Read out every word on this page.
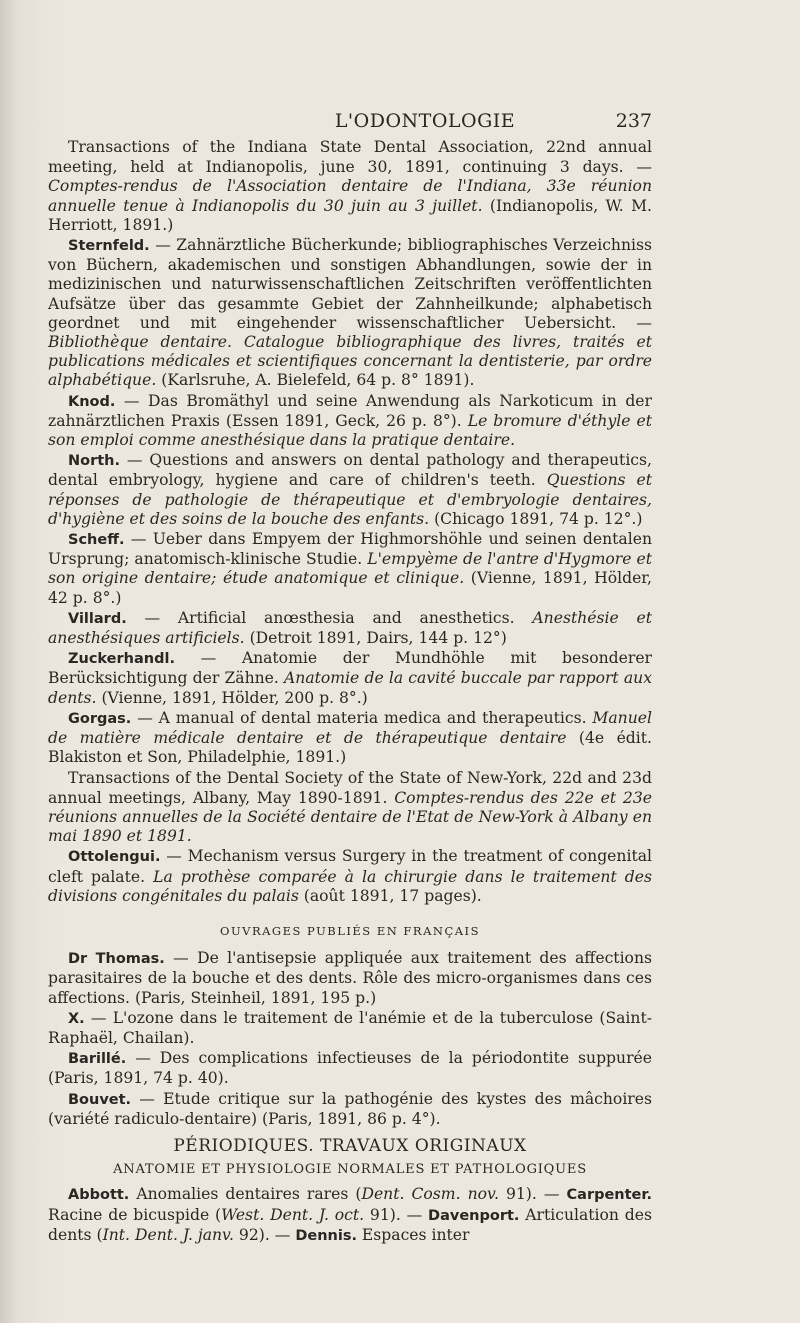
L'ODONTOLOGIE	237

Transactions of the Indiana State Dental Association, 22nd annual meeting, held at Indianopolis, june 30, 1891, continuing 3 days. — Comptes-rendus de l'Association dentaire de l'Indiana, 33e réunion annuelle tenue à Indianopolis du 30 juin au 3 juillet. (Indianopolis, W. M. Herriott, 1891.)

Sternfeld. — Zahnärztliche Bücherkunde; bibliographisches Verzeichniss von Büchern, akademischen und sonstigen Abhandlungen, sowie der in medizinischen und naturwissenschaftlichen Zeitschriften veröffentlichten Aufsätze über das gesammte Gebiet der Zahnheilkunde; alphabetisch geordnet und mit eingehender wissenschaftlicher Uebersicht. — Bibliothèque dentaire. Catalogue bibliographique des livres, traités et publications médicales et scientifiques concernant la dentisterie, par ordre alphabétique. (Karlsruhe, A. Bielefeld, 64 p. 8° 1891).

Knod. — Das Bromäthyl und seine Anwendung als Narkoticum in der zahnärztlichen Praxis (Essen 1891, Geck, 26 p. 8°). Le bromure d'éthyle et son emploi comme anesthésique dans la pratique dentaire.

North. — Questions and answers on dental pathology and therapeutics, dental embryology, hygiene and care of children's teeth. Questions et réponses de pathologie de thérapeutique et d'embryologie dentaires, d'hygiène et des soins de la bouche des enfants. (Chicago 1891, 74 p. 12°.)

Scheff. — Ueber dans Empyem der Highmorshöhle und seinen dentalen Ursprung; anatomisch-klinische Studie. L'empyème de l'antre d'Hygmore et son origine dentaire; étude anatomique et clinique. (Vienne, 1891, Hölder, 42 p. 8°.)

Villard. — Artificial anœsthesia and anesthetics. Anesthésie et anesthésiques artificiels. (Detroit 1891, Dairs, 144 p. 12°)

Zuckerhandl. — Anatomie der Mundhöhle mit besonderer Berücksichtigung der Zähne. Anatomie de la cavité buccale par rapport aux dents. (Vienne, 1891, Hölder, 200 p. 8°.)

Gorgas. — A manual of dental materia medica and therapeutics. Manuel de matière médicale dentaire et de thérapeutique dentaire (4e édit. Blakiston et Son, Philadelphie, 1891.)

Transactions of the Dental Society of the State of New-York, 22d and 23d annual meetings, Albany, May 1890-1891. Comptes-rendus des 22e et 23e réunions annuelles de la Société dentaire de l'Etat de New-York à Albany en mai 1890 et 1891.

Ottolengui. — Mechanism versus Surgery in the treatment of congenital cleft palate. La prothèse comparée à la chirurgie dans le traitement des divisions congénitales du palais (août 1891, 17 pages).

OUVRAGES PUBLIÉS EN FRANÇAIS

Dr Thomas. — De l'antisepsie appliquée aux traitement des affections parasitaires de la bouche et des dents. Rôle des micro-organismes dans ces affections. (Paris, Steinheil, 1891, 195 p.)

X. — L'ozone dans le traitement de l'anémie et de la tuberculose (Saint-Raphaël, Chailan).

Barillé. — Des complications infectieuses de la périodontite suppurée (Paris, 1891, 74 p. 40).

Bouvet. — Etude critique sur la pathogénie des kystes des mâchoires (variété radiculo-dentaire) (Paris, 1891, 86 p. 4°).

PÉRIODIQUES. TRAVAUX ORIGINAUX
ANATOMIE ET PHYSIOLOGIE NORMALES ET PATHOLOGIQUES

Abbott. Anomalies dentaires rares (Dent. Cosm. nov. 91). — Carpenter. Racine de bicuspide (West. Dent. J. oct. 91). — Davenport. Articulation des dents (Int. Dent. J. janv. 92). — Dennis. Espaces inter
